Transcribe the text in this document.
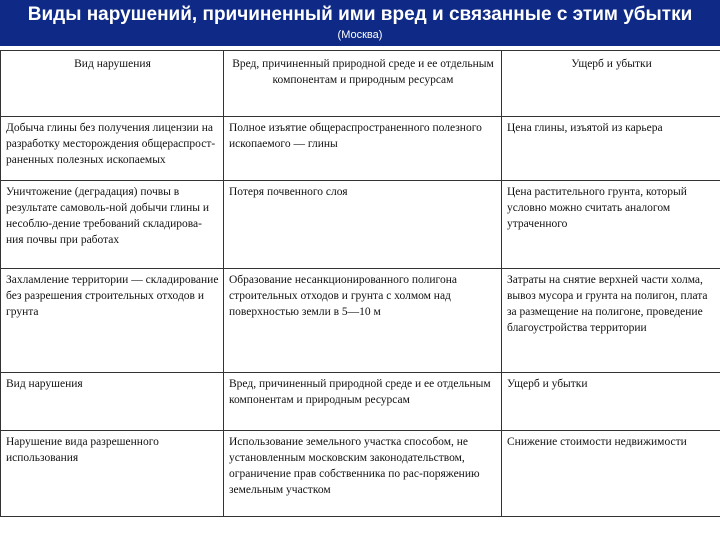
Виды нарушений, причиненный ими вред и связанные с этим убытки
(Москва)
Вид нарушения	Вред, причиненный природной среде и ее отдельным компонентам и природным ресурсам	Ущерб и убытки
Добыча глины без получения лицензии на разработку месторождения общераспрост-раненных полезных ископаемых	Полное изъятие общераспространенного полезного ископаемого — глины	Цена глины, изъятой из карьера
Уничтожение (деградация) почвы в результате самоволь-ной добычи глины и несоблю-дение требований складирова-ния почвы при работах	Потеря почвенного слоя	Цена растительного грунта, который условно можно считать аналогом утраченного
Захламление территории — складирование без разрешения строительных отходов и грунта	Образование несанкционированного полигона строительных отходов и грунта с холмом над поверхностью земли в 5—10 м	Затраты на снятие верхней части холма, вывоз мусора и грунта на полигон, плата за размещение на полигоне, проведение благоустройства территории
Вид нарушения	Вред, причиненный природной среде и ее отдельным компонентам и природным ресурсам	Ущерб и убытки
Нарушение вида разрешенного использования	Использование земельного участка способом, не установленным московским законодательством, ограничение прав собственника по рас-поряжению земельным участком	Снижение стоимости недвижимости
